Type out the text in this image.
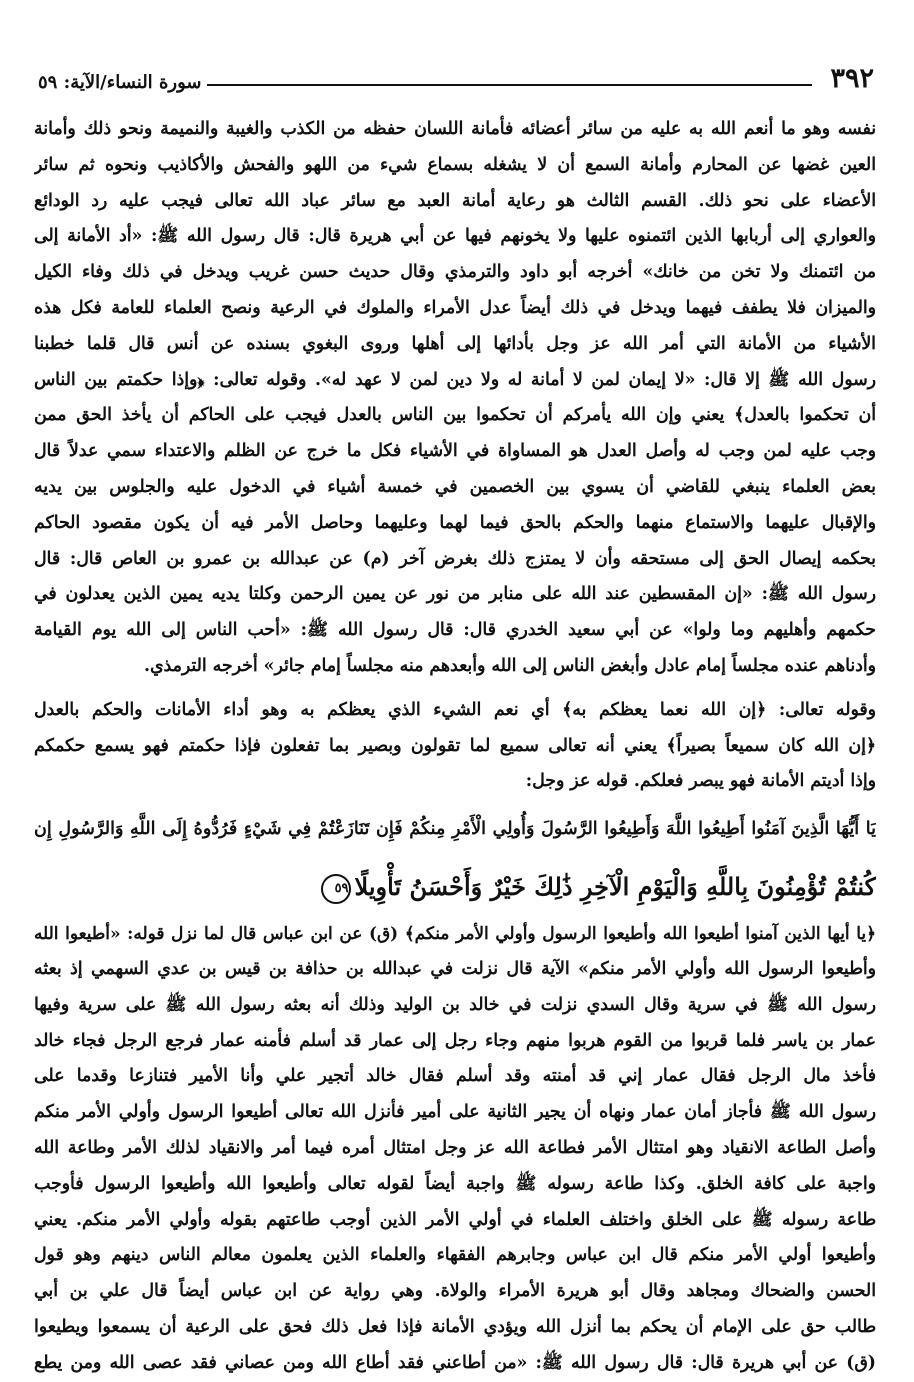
٣٩٢
سورة النساء/الآية: ٥٩
نفسه وهو ما أنعم الله به عليه من سائر أعضائه فأمانة اللسان حفظه من الكذب والغيبة والنميمة ونحو ذلك وأمانة
العين غضها عن المحارم وأمانة السمع أن لا يشغله بسماع شيء من اللهو والفحش والأكاذيب ونحوه ثم سائر
الأعضاء على نحو ذلك. القسم الثالث هو رعاية أمانة العبد مع سائر عباد الله تعالى فيجب عليه رد الودائع
والعواري إلى أربابها الذين ائتمنوه عليها ولا يخونهم فيها عن أبي هريرة قال: قال رسول الله ﷺ: «أد الأمانة إلى
من ائتمنك ولا تخن من خانك» أخرجه أبو داود والترمذي وقال حديث حسن غريب ويدخل في ذلك وفاء الكيل
والميزان فلا يطفف فيهما ويدخل في ذلك أيضاً عدل الأمراء والملوك في الرعية ونصح العلماء للعامة فكل هذه
الأشياء من الأمانة التي أمر الله عز وجل بأدائها إلى أهلها وروى البغوي بسنده عن أنس قال قلما خطبنا
رسول الله ﷺ إلا قال: «لا إيمان لمن لا أمانة له ولا دين لمن لا عهد له». وقوله تعالى: ﴿وإذا حكمتم بين الناس
أن تحكموا بالعدل﴾ يعني وإن الله يأمركم أن تحكموا بين الناس بالعدل فيجب على الحاكم أن يأخذ الحق ممن
وجب عليه لمن وجب له وأصل العدل هو المساواة في الأشياء فكل ما خرج عن الظلم والاعتداء سمي عدلاً قال
بعض العلماء ينبغي للقاضي أن يسوي بين الخصمين في خمسة أشياء في الدخول عليه والجلوس بين يديه
والإقبال عليهما والاستماع منهما والحكم بالحق فيما لهما وعليهما وحاصل الأمر فيه أن يكون مقصود الحاكم
بحكمه إيصال الحق إلى مستحقه وأن لا يمتزج ذلك بغرض آخر (م) عن عبدالله بن عمرو بن العاص قال: قال
رسول الله ﷺ: «إن المقسطين عند الله على منابر من نور عن يمين الرحمن وكلتا يديه يمين الذين يعدلون في
حكمهم وأهليهم وما ولوا» عن أبي سعيد الخدري قال: قال رسول الله ﷺ: «أحب الناس إلى الله يوم القيامة
وأدناهم عنده مجلساً إمام عادل وأبغض الناس إلى الله وأبعدهم منه مجلساً إمام جائر» أخرجه الترمذي.
وقوله تعالى: ﴿إن الله نعما يعظكم به﴾ أي نعم الشيء الذي يعظكم به وهو أداء الأمانات والحكم بالعدل
﴿إن الله كان سميعاً بصيراً﴾ يعني أنه تعالى سميع لما تقولون وبصير بما تفعلون فإذا حكمتم فهو يسمع حكمكم
وإذا أديتم الأمانة فهو يبصر فعلكم. قوله عز وجل:
يَا أَيُّهَا الَّذِينَ آمَنُوا أَطِيعُوا اللَّهَ وَأَطِيعُوا الرَّسُولَ وَأُولِي الْأَمْرِ مِنكُمْ فَإِن تَنَازَعْتُمْ فِي شَيْءٍ فَرُدُّوهُ إِلَى اللَّهِ وَالرَّسُولِ إِن
كُنتُمْ تُؤْمِنُونَ بِاللَّهِ وَالْيَوْمِ الْآخِرِ ذَٰلِكَ خَيْرٌ وَأَحْسَنُ تَأْوِيلًا٥٩
﴿يا أيها الذين آمنوا أطيعوا الله وأطيعوا الرسول وأولي الأمر منكم﴾ (ق) عن ابن عباس قال لما نزل قوله: «أطيعوا الله
وأطيعوا الرسول الله وأولي الأمر منكم» الآية قال نزلت في عبدالله بن حذافة بن قيس بن عدي السهمي إذ بعثه
رسول الله ﷺ في سرية وقال السدي نزلت في خالد بن الوليد وذلك أنه بعثه رسول الله ﷺ على سرية وفيها
عمار بن ياسر فلما قربوا من القوم هربوا منهم وجاء رجل إلى عمار قد أسلم فأمنه عمار فرجع الرجل فجاء خالد
فأخذ مال الرجل فقال عمار إني قد أمنته وقد أسلم فقال خالد أتجير علي وأنا الأمير فتنازعا وقدما على
رسول الله ﷺ فأجاز أمان عمار ونهاه أن يجير الثانية على أمير فأنزل الله تعالى أطيعوا الرسول وأولي الأمر منكم
وأصل الطاعة الانقياد وهو امتثال الأمر فطاعة الله عز وجل امتثال أمره فيما أمر والانقياد لذلك الأمر وطاعة الله
واجبة على كافة الخلق. وكذا طاعة رسوله ﷺ واجبة أيضاً لقوله تعالى وأطيعوا الله وأطيعوا الرسول فأوجب
طاعة رسوله ﷺ على الخلق واختلف العلماء في أولي الأمر الذين أوجب طاعتهم بقوله وأولي الأمر منكم. يعني
وأطيعوا أولي الأمر منكم قال ابن عباس وجابرهم الفقهاء والعلماء الذين يعلمون معالم الناس دينهم وهو قول
الحسن والضحاك ومجاهد وقال أبو هريرة الأمراء والولاة. وهي رواية عن ابن عباس أيضاً قال علي بن أبي
طالب حق على الإمام أن يحكم بما أنزل الله ويؤدي الأمانة فإذا فعل ذلك فحق على الرعية أن يسمعوا ويطيعوا
(ق) عن أبي هريرة قال: قال رسول الله ﷺ: «من أطاعني فقد أطاع الله ومن عصاني فقد عصى الله ومن يطع
